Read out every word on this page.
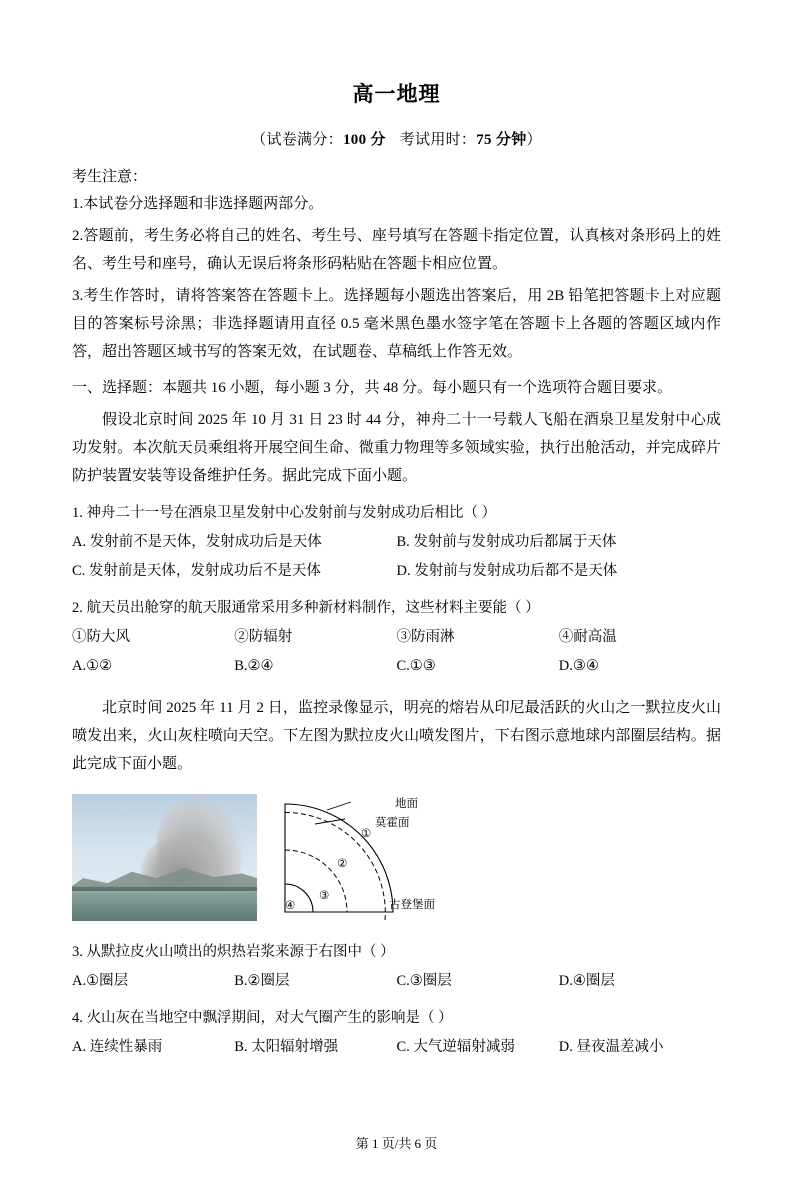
高一地理
（试卷满分：100 分 考试用时：75 分钟）
考生注意：

1.本试卷分选择题和非选择题两部分。

2.答题前，考生务必将自己的姓名、考生号、座号填写在答题卡指定位置，认真核对条形码上的姓名、考生号和座号，确认无误后将条形码粘贴在答题卡相应位置。

3.考生作答时，请将答案答在答题卡上。选择题每小题选出答案后，用 2B 铅笔把答题卡上对应题目的答案标号涂黑；非选择题请用直径 0.5 毫米黑色墨水签字笔在答题卡上各题的答题区域内作答，超出答题区域书写的答案无效，在试题卷、草稿纸上作答无效。

一、选择题：本题共 16 小题，每小题 3 分，共 48 分。每小题只有一个选项符合题目要求。

假设北京时间 2025 年 10 月 31 日 23 时 44 分，神舟二十一号载人飞船在酒泉卫星发射中心成功发射。本次航天员乘组将开展空间生命、微重力物理等多领域实验，执行出舱活动，并完成碎片防护装置安装等设备维护任务。据此完成下面小题。

1. 神舟二十一号在酒泉卫星发射中心发射前与发射成功后相比（ ）
A. 发射前不是天体，发射成功后是天体	B. 发射前与发射成功后都属于天体
C. 发射前是天体，发射成功后不是天体	D. 发射前与发射成功后都不是天体
2. 航天员出舱穿的航天服通常采用多种新材料制作，这些材料主要能（ ）
①防大风	②防辐射	③防雨淋	④耐高温
A.①②	B.②④	C.①③	D.③④

北京时间 2025 年 11 月 2 日，监控录像显示，明亮的熔岩从印尼最活跃的火山之一默拉皮火山喷发出来，火山灰柱喷向天空。下左图为默拉皮火山喷发图片，下右图示意地球内部圈层结构。据此完成下面小题。

地面
莫霍面
古登堡面
①
②
③
④
3. 从默拉皮火山喷出的炽热岩浆来源于右图中（ ）
A.①圈层	B.②圈层	C.③圈层	D.④圈层
4. 火山灰在当地空中飘浮期间，对大气圈产生的影响是（ ）
A. 连续性暴雨	B. 太阳辐射增强	C. 大气逆辐射减弱	D. 昼夜温差减小
第 1 页/共 6 页
